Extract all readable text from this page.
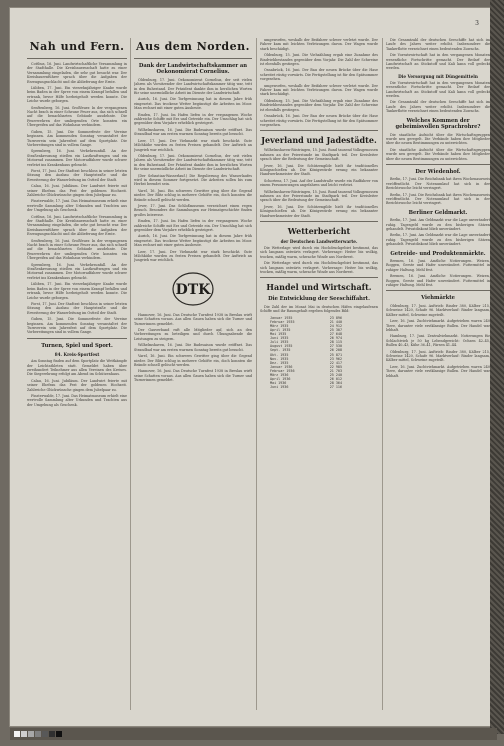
3
Nah und Fern.
Cottbus, 16. Juni. Landwirtschaftliche Versammlung in der Stadthalle. Die Kreisbauernschaft hatte zu einer Versammlung eingeladen, die sehr gut besucht war. Der Kreisbauernführer sprach über die Aufgaben der Erzeugungsschlacht und die Ablieferung der Ernte.
Lübben, 17. Juni. Ein vierzehnjähriger Knabe wurde beim Baden in der Spree von einem Krampf befallen und ertrank, bevor Hilfe herbeigeholt werden konnte. Die Leiche wurde geborgen.
Senftenberg, 16. Juni. Großfeuer. In der vergangenen Nacht brach in einer Scheune Feuer aus, das sich schnell auf die benachbarten Gebäude ausdehnte. Die Feuerwehren der umliegenden Orte konnten ein Übergreifen auf das Wohnhaus verhindern.
Guben, 15. Juni. Die Sommerfeste der Vereine beginnen. Am kommenden Sonntag veranstaltet der Turnverein sein Jahresfest auf dem Sportplatz. Die Vorbereitungen sind in vollem Gange.
Spremberg, 16. Juni. Verkehrsunfall. An der Straßenkreuzung stießen ein Lastkraftwagen und ein Motorrad zusammen. Der Motorradfahrer wurde schwer verletzt ins Krankenhaus gebracht.
Forst, 17. Juni. Der Stadtrat beschloss in seiner letzten Sitzung den Ausbau der Hauptstraße und die Erweiterung der Wasserleitung im Ostteil der Stadt.
Calau, 16. Juni. Jubiläum. Der Landwirt feierte mit seiner Ehefrau das Fest der goldenen Hochzeit. Zahlreiche Glückwünsche gingen dem Jubelpaar zu.
Finsterwalde, 17. Juni. Das Heimatmuseum erhielt eine wertvolle Sammlung alter Urkunden und Trachten aus der Umgebung als Geschenk.
Cottbus, 16. Juni. Landwirtschaftliche Versammlung in der Stadthalle. Die Kreisbauernschaft hatte zu einer Versammlung eingeladen, die sehr gut besucht war. Der Kreisbauernführer sprach über die Aufgaben der Erzeugungsschlacht und die Ablieferung der Ernte.
Senftenberg, 16. Juni. Großfeuer. In der vergangenen Nacht brach in einer Scheune Feuer aus, das sich schnell auf die benachbarten Gebäude ausdehnte. Die Feuerwehren der umliegenden Orte konnten ein Übergreifen auf das Wohnhaus verhindern.
Spremberg, 16. Juni. Verkehrsunfall. An der Straßenkreuzung stießen ein Lastkraftwagen und ein Motorrad zusammen. Der Motorradfahrer wurde schwer verletzt ins Krankenhaus gebracht.
Lübben, 17. Juni. Ein vierzehnjähriger Knabe wurde beim Baden in der Spree von einem Krampf befallen und ertrank, bevor Hilfe herbeigeholt werden konnte. Die Leiche wurde geborgen.
Forst, 17. Juni. Der Stadtrat beschloss in seiner letzten Sitzung den Ausbau der Hauptstraße und die Erweiterung der Wasserleitung im Ostteil der Stadt.
Guben, 15. Juni. Die Sommerfeste der Vereine beginnen. Am kommenden Sonntag veranstaltet der Turnverein sein Jahresfest auf dem Sportplatz. Die Vorbereitungen sind in vollem Gange.
Turnen, Spiel und Sport.
84. Kreis-Sportfest
Am Sonntag finden auf dem Sportplatz die Wettkämpfe der Leichtathleten statt. Gemeldet haben über zweihundert Teilnehmer aus allen Vereinen des Kreises. Die Siegerehrung erfolgt am Abend im Schützenhaus.
Calau, 16. Juni. Jubiläum. Der Landwirt feierte mit seiner Ehefrau das Fest der goldenen Hochzeit. Zahlreiche Glückwünsche gingen dem Jubelpaar zu.
Finsterwalde, 17. Juni. Das Heimatmuseum erhielt eine wertvolle Sammlung alter Urkunden und Trachten aus der Umgebung als Geschenk.
Aus dem Norden.
Dank der Landwirtschaftskammer an Oekonomierat Cornelius.
Oldenburg, 17. Juni. Oekonomierat Cornelius, der seit vielen Jahren als Vorsitzender der Landwirtschaftskammer tätig war, tritt in den Ruhestand. Der Präsident dankte ihm in herzlichen Worten für seine unermüdliche Arbeit im Dienste der Landwirtschaft.
Aurich, 16. Juni. Die Torfgewinnung hat in diesem Jahre früh eingesetzt. Das trockene Wetter begünstigt die Arbeiten im Moor. Man rechnet mit einer guten Ausbeute.
Emden, 17. Juni. Im Hafen liefen in der vergangenen Woche zahlreiche Schiffe mit Erz und Getreide ein. Der Umschlag hat sich gegenüber dem Vorjahre erheblich gesteigert.
Wilhelmshaven, 16. Juni. Die Badesaison wurde eröffnet. Das Strandbad war am ersten warmen Sonntag bereits gut besucht.
Leer, 17. Juni. Der Viehmarkt war stark beschickt. Gute Milchkühe wurden zu festen Preisen gehandelt. Der Auftrieb an Jungvieh war reichlich.
Oldenburg, 17. Juni. Oekonomierat Cornelius, der seit vielen Jahren als Vorsitzender der Landwirtschaftskammer tätig war, tritt in den Ruhestand. Der Präsident dankte ihm in herzlichen Worten für seine unermüdliche Arbeit im Dienste der Landwirtschaft.
(Der Sebastian-Wasserlauf.) Die Regulierung des Wasserlaufes wird in diesem Sommer fortgesetzt. Die Arbeiten sollen bis zum Herbst beendet sein.
Varel, 16. Juni. Ein schweres Gewitter ging über die Gegend nieder. Der Blitz schlug in mehrere Gehöfte ein, doch konnten die Brände schnell gelöscht werden.
Jever, 17. Juni. Das Schloßmuseum verzeichnet einen regen Besuch. Besonders die Sammlungen zur Heimatgeschichte finden großes Interesse.
Emden, 17. Juni. Im Hafen liefen in der vergangenen Woche zahlreiche Schiffe mit Erz und Getreide ein. Der Umschlag hat sich gegenüber dem Vorjahre erheblich gesteigert.
Aurich, 16. Juni. Die Torfgewinnung hat in diesem Jahre früh eingesetzt. Das trockene Wetter begünstigt die Arbeiten im Moor. Man rechnet mit einer guten Ausbeute.
Leer, 17. Juni. Der Viehmarkt war stark beschickt. Gute Milchkühe wurden zu festen Preisen gehandelt. Der Auftrieb an Jungvieh war reichlich.
DTK
Hannover, 16. Juni. Das Deutsche Turnfest 1938 in Breslau wirft seine Schatten voraus. Aus allen Gauen haben sich die Turner und Turnerinnen gemeldet.
Der Gauverband ruft alle Mitglieder auf, sich an den Vorbereitungen zu beteiligen und durch Übungsabende die Leistungen zu steigern.
Wilhelmshaven, 16. Juni. Die Badesaison wurde eröffnet. Das Strandbad war am ersten warmen Sonntag bereits gut besucht.
Varel, 16. Juni. Ein schweres Gewitter ging über die Gegend nieder. Der Blitz schlug in mehrere Gehöfte ein, doch konnten die Brände schnell gelöscht werden.
Hannover, 16. Juni. Das Deutsche Turnfest 1938 in Breslau wirft seine Schatten voraus. Aus allen Gauen haben sich die Turner und Turnerinnen gemeldet.
umgeworfen, weshalb der Beifahrer schwer verletzt wurde. Der Fahrer kam mit leichten Verletzungen davon. Der Wagen wurde stark beschädigt.
Oldenburg, 15. Juni. Die Viehzählung ergab eine Zunahme des Rindviehbestandes gegenüber dem Vorjahr. Die Zahl der Schweine ist ebenfalls gestiegen.
Osnabrück, 16. Juni. Der Bau der neuen Brücke über die Hase schreitet rüstig vorwärts. Die Fertigstellung ist für den Spätsommer vorgesehen.
umgeworfen, weshalb der Beifahrer schwer verletzt wurde. Der Fahrer kam mit leichten Verletzungen davon. Der Wagen wurde stark beschädigt.
Oldenburg, 15. Juni. Die Viehzählung ergab eine Zunahme des Rindviehbestandes gegenüber dem Vorjahr. Die Zahl der Schweine ist ebenfalls gestiegen.
Osnabrück, 16. Juni. Der Bau der neuen Brücke über die Hase schreitet rüstig vorwärts. Die Fertigstellung ist für den Spätsommer vorgesehen.
Jeverland und Jadestädte.
Wilhelmshaven-Rüstringen, 15. Juni. Rund tausend Volksgenossen nahmen an der Feierstunde im Stadtpark teil. Der Kreisleiter sprach über die Bedeutung der Gemeinschaft.
Jever, 16. Juni. Die Schützengilde hielt ihr traditionelles Königsschießen ab. Die Königswürde errang ein bekannter Handwerksmeister der Stadt.
Schortens, 17. Juni. Auf der Landstraße wurde ein Radfahrer von einem Personenwagen angefahren und leicht verletzt.
Wilhelmshaven-Rüstringen, 15. Juni. Rund tausend Volksgenossen nahmen an der Feierstunde im Stadtpark teil. Der Kreisleiter sprach über die Bedeutung der Gemeinschaft.
Jever, 16. Juni. Die Schützengilde hielt ihr traditionelles Königsschießen ab. Die Königswürde errang ein bekannter Handwerksmeister der Stadt.
Wetterbericht
der Deutschen Landwetterwarte.
Die Wetterlage wird durch ein Hochdruckgebiet bestimmt, das sich langsam ostwärts verlagert. Vorhersage: Heiter bis wolkig, trocken, mäßig warm, schwache Winde aus Nordwest.
Die Wetterlage wird durch ein Hochdruckgebiet bestimmt, das sich langsam ostwärts verlagert. Vorhersage: Heiter bis wolkig, trocken, mäßig warm, schwache Winde aus Nordwest.
Handel und Wirtschaft.
Die Entwicklung der Seeschiffahrt.
Die Zahl der im Monat Mai in deutschen Häfen eingelaufenen Schiffe und ihr Raumgehalt ergeben folgendes Bild:
Januar 1935	23 896
Februar 1935	21 440
März 1935	24 912
April 1935	25 307
Mai 1935	27 648
Juni 1935	26 974
Juli 1935	28 115
August 1935	27 530
Sept. 1935	26 208
Okt. 1935	25 871
Nov. 1935	23 962
Dez. 1935	22 417
Januar 1936	22 985
Februar 1936	21 703
März 1936	25 240
April 1936	26 012
Mai 1936	28 364
Juni 1936	27 116
Die Gesamtzahl der deutschen Seeschiffe hat sich im Laufe des Jahres weiter erhöht. Insbesondere die Tankerflotte verzeichnet einen bedeutenden Zuwachs.
Die Vorratswirtschaft hat in den vergangenen Monaten wesentliche Fortschritte gemacht. Der Bedarf der Landwirtschaft an Stickstoff und Kali kann voll gedeckt werden.
Die Versorgung mit Düngemitteln
Die Vorratswirtschaft hat in den vergangenen Monaten wesentliche Fortschritte gemacht. Der Bedarf der Landwirtschaft an Stickstoff und Kali kann voll gedeckt werden.
Die Gesamtzahl der deutschen Seeschiffe hat sich im Laufe des Jahres weiter erhöht. Insbesondere die Tankerflotte verzeichnet einen bedeutenden Zuwachs.
Welches Kommen der gebeimisvollen Sprachrohre?
Die staatliche Aufsicht über die Wirtschaftsgruppen wurde neu geregelt. Die Verbände haben ihre Mitglieder über die neuen Bestimmungen zu unterrichten.
Die staatliche Aufsicht über die Wirtschaftsgruppen wurde neu geregelt. Die Verbände haben ihre Mitglieder über die neuen Bestimmungen zu unterrichten.
Der Wiedenhof.
Berlin, 17. Juni. Die Reichsbank hat ihren Wochenausweis veröffentlicht. Der Notenumlauf hat sich in der Berichtswoche leicht verringert.
Berlin, 17. Juni. Die Reichsbank hat ihren Wochenausweis veröffentlicht. Der Notenumlauf hat sich in der Berichtswoche leicht verringert.
Berliner Geldmarkt.
Berlin, 17. Juni. Am Geldmarkt war die Lage unverändert ruhig. Tagesgeld wurde zu den bisherigen Sätzen gehandelt. Privatdiskont blieb unverändert.
Berlin, 17. Juni. Am Geldmarkt war die Lage unverändert ruhig. Tagesgeld wurde zu den bisherigen Sätzen gehandelt. Privatdiskont blieb unverändert.
Getreide- und Produktenmärkte.
Bremen, 16. Juni. Amtliche Notierungen. Weizen, Roggen, Gerste und Hafer unverändert. Futtermittel in ruhiger Haltung. Mehl fest.
Bremen, 16. Juni. Amtliche Notierungen. Weizen, Roggen, Gerste und Hafer unverändert. Futtermittel in ruhiger Haltung. Mehl fest.
Viehmärkte
Oldenburg, 17. Juni. Auftrieb: Rinder 380, Kälber 215, Schweine 1420, Schafe 96. Marktverlauf: Rinder langsam, Kälber mittel, Schweine zugeteilt.
Leer, 16. Juni. Zuchtviehmarkt. Aufgetrieben waren 240 Tiere, darunter viele erstklassige Bullen. Der Handel war lebhaft.
Hamburg, 17. Juni. Zentralviehmarkt. Notierungen für Schlachtvieh je 50 kg Lebendgewicht: Ochsen 42–45, Bullen 40–43, Kühe 36–41, Färsen 41–44.
Oldenburg, 17. Juni. Auftrieb: Rinder 380, Kälber 215, Schweine 1420, Schafe 96. Marktverlauf: Rinder langsam, Kälber mittel, Schweine zugeteilt.
Leer, 16. Juni. Zuchtviehmarkt. Aufgetrieben waren 240 Tiere, darunter viele erstklassige Bullen. Der Handel war lebhaft.
